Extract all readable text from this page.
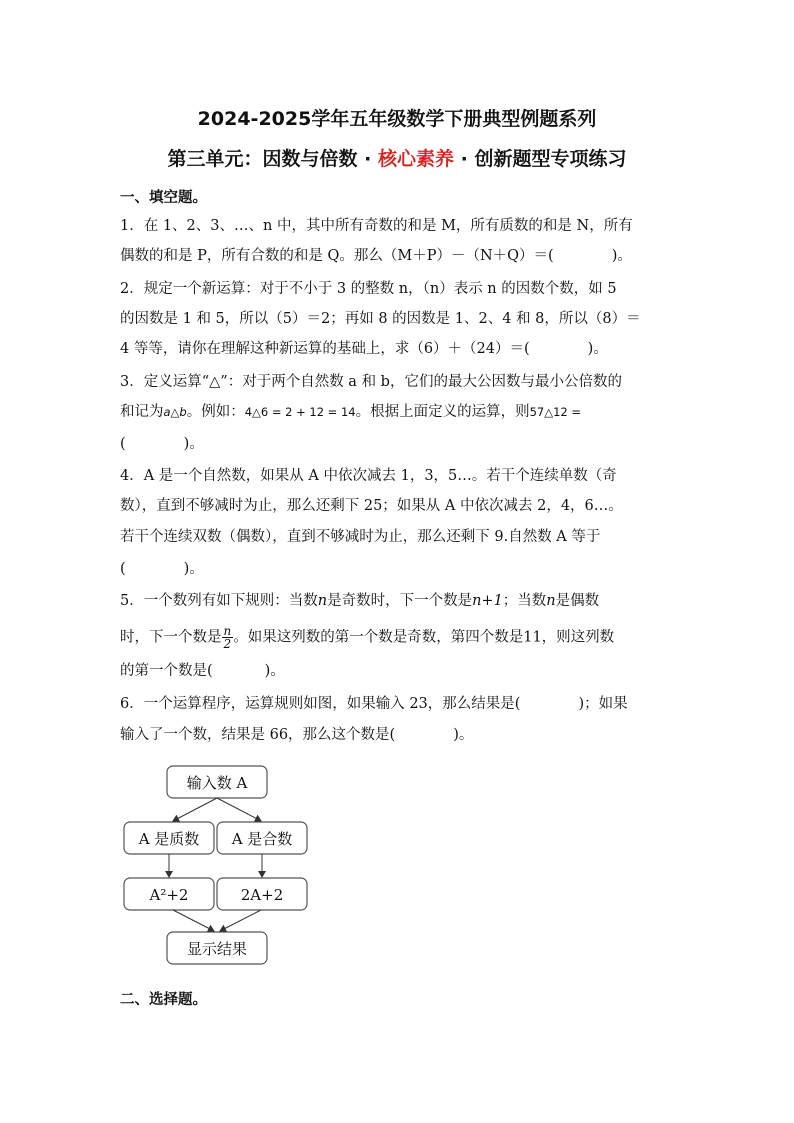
2024-2025学年五年级数学下册典型例题系列
第三单元：因数与倍数 · 核心素养 · 创新题型专项练习
一、填空题。
1．在 1、2、3、…、n 中，其中所有奇数的和是 M，所有质数的和是 N，所有
偶数的和是 P，所有合数的和是 Q。那么（M＋P）－（N＋Q）＝(	)。
2．规定一个新运算：对于不小于 3 的整数 n，（n）表示 n 的因数个数，如 5
的因数是 1 和 5，所以（5）＝2；再如 8 的因数是 1、2、4 和 8，所以（8）＝
4 等等，请你在理解这种新运算的基础上，求（6）＋（24）＝(	)。
3．定义运算“△”：对于两个自然数 a 和 b，它们的最大公因数与最小公倍数的
和记为a△b。例如：4△6 = 2 + 12 = 14。根据上面定义的运算，则57△12 =
(	)。
4．A 是一个自然数，如果从 A 中依次减去 1，3，5…。若干个连续单数（奇
数），直到不够减时为止，那么还剩下 25；如果从 A 中依次减去 2，4，6…。
若干个连续双数（偶数），直到不够减时为止，那么还剩下 9.自然数 A 等于
(	)。
5．一个数列有如下规则：当数n是奇数时，下一个数是n+1；当数n是偶数
时，下一个数是 $\frac{n}{2}$ 。如果这列数的第一个数是奇数，第四个数是11，则这列数
的第一个数是(	)。
6．一个运算程序，运算规则如图，如果输入 23，那么结果是(	)；如果
输入了一个数，结果是 66，那么这个数是(	)。
输入数 A
A 是质数 A 是合数
A²+2	2A+2
显示结果
二、选择题。
